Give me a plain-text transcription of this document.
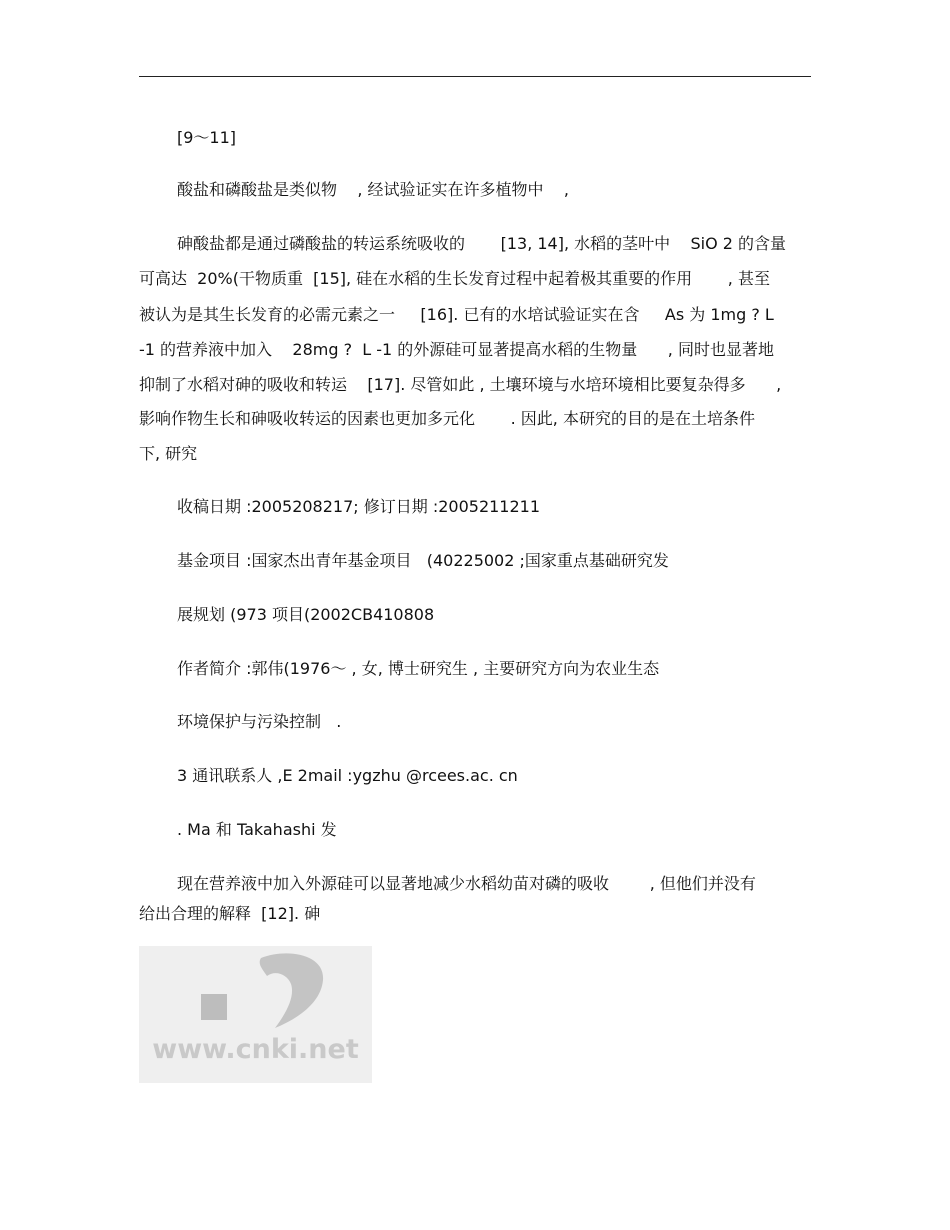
[9～11]
酸盐和磷酸盐是类似物    , 经试验证实在许多植物中    ,
砷酸盐都是通过磷酸盐的转运系统吸收的       [13, 14], 水稻的茎叶中    SiO 2 的含量
可高达  20%(干物质重  [15], 硅在水稻的生长发育过程中起着极其重要的作用       , 甚至
被认为是其生长发育的必需元素之一     [16]. 已有的水培试验证实在含     As 为 1mg ? L
-1 的营养液中加入    28mg ?  L -1 的外源硅可显著提高水稻的生物量      , 同时也显著地
抑制了水稻对砷的吸收和转运    [17]. 尽管如此 , 土壤环境与水培环境相比要复杂得多      ,
影响作物生长和砷吸收转运的因素也更加多元化       . 因此, 本研究的目的是在土培条件
下, 研究
收稿日期 :2005208217; 修订日期 :2005211211
基金项目 :国家杰出青年基金项目   (40225002 ;国家重点基础研究发
展规划 (973 项目(2002CB410808
作者简介 :郭伟(1976～ , 女, 博士研究生 , 主要研究方向为农业生态
环境保护与污染控制   .
3 通讯联系人 ,E 2mail :ygzhu @rcees.ac. cn
. Ma 和 Takahashi 发
现在营养液中加入外源硅可以显著地减少水稻幼苗对磷的吸收        , 但他们并没有
给出合理的解释  [12]. 砷
www.cnki.net
